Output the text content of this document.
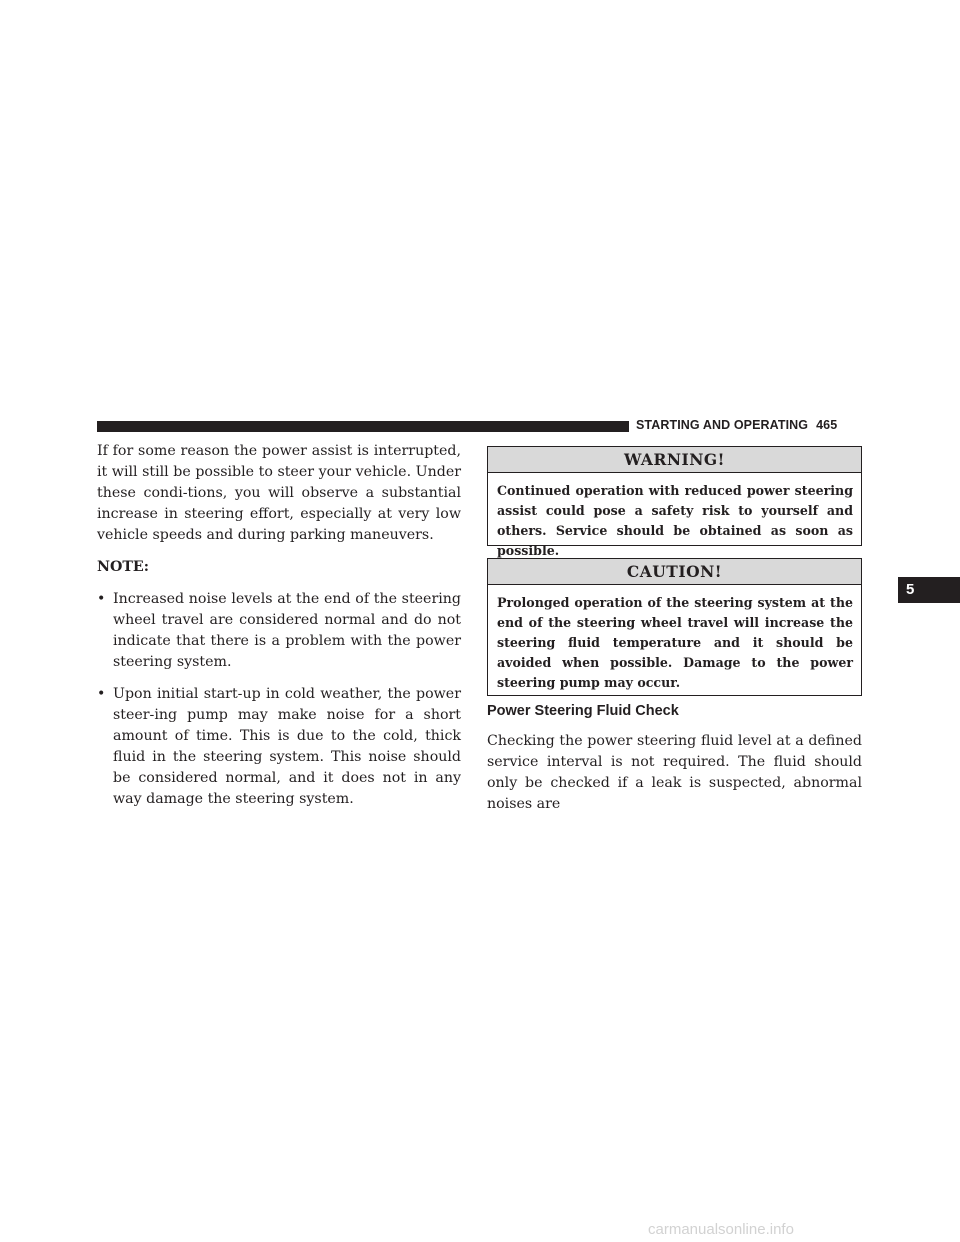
STARTING AND OPERATING 465

If for some reason the power assist is interrupted, it will still be possible to steer your vehicle. Under these condi-tions, you will observe a substantial increase in steering effort, especially at very low vehicle speeds and during parking maneuvers.

NOTE:

• Increased noise levels at the end of the steering wheel travel are considered normal and do not indicate that there is a problem with the power steering system.
• Upon initial start-up in cold weather, the power steer-ing pump may make noise for a short amount of time. This is due to the cold, thick fluid in the steering system. This noise should be considered normal, and it does not in any way damage the steering system.
WARNING!
Continued operation with reduced power steering assist could pose a safety risk to yourself and others. Service should be obtained as soon as possible.
CAUTION!
Prolonged operation of the steering system at the end of the steering wheel travel will increase the steering fluid temperature and it should be avoided when possible. Damage to the power steering pump may occur.
Power Steering Fluid Check

Checking the power steering fluid level at a defined service interval is not required. The fluid should only be checked if a leak is suspected, abnormal noises are

5
carmanualsonline.info
